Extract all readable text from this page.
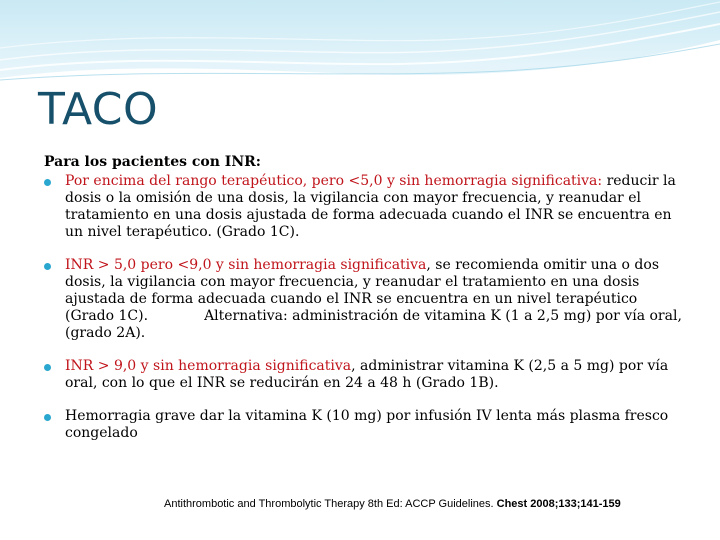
TACO

Para los pacientes con INR:

Por encima del rango terapéutico, pero <5,0 y sin hemorragia significativa: reducir la dosis o la omisión de una dosis, la vigilancia con mayor frecuencia, y reanudar el tratamiento en una dosis ajustada de forma adecuada cuando el INR se encuentra en un nivel terapéutico. (Grado 1C).
INR > 5,0 pero <9,0 y sin hemorragia significativa, se recomienda omitir una o dos dosis, la vigilancia con mayor frecuencia, y reanudar el tratamiento en una dosis ajustada de forma adecuada cuando el INR se encuentra en un nivel terapéutico (Grado 1C).	Alternativa: administración de vitamina K (1 a 2,5 mg) por vía oral, (grado 2A).
INR > 9,0 y sin hemorragia significativa, administrar vitamina K (2,5 a 5 mg) por vía oral, con lo que el INR se reducirán en 24 a 48 h (Grado 1B).
Hemorragia grave dar la vitamina K (10 mg) por infusión IV lenta más plasma fresco congelado
Antithrombotic and Thrombolytic Therapy 8th Ed: ACCP Guidelines. Chest 2008;133;141-159
